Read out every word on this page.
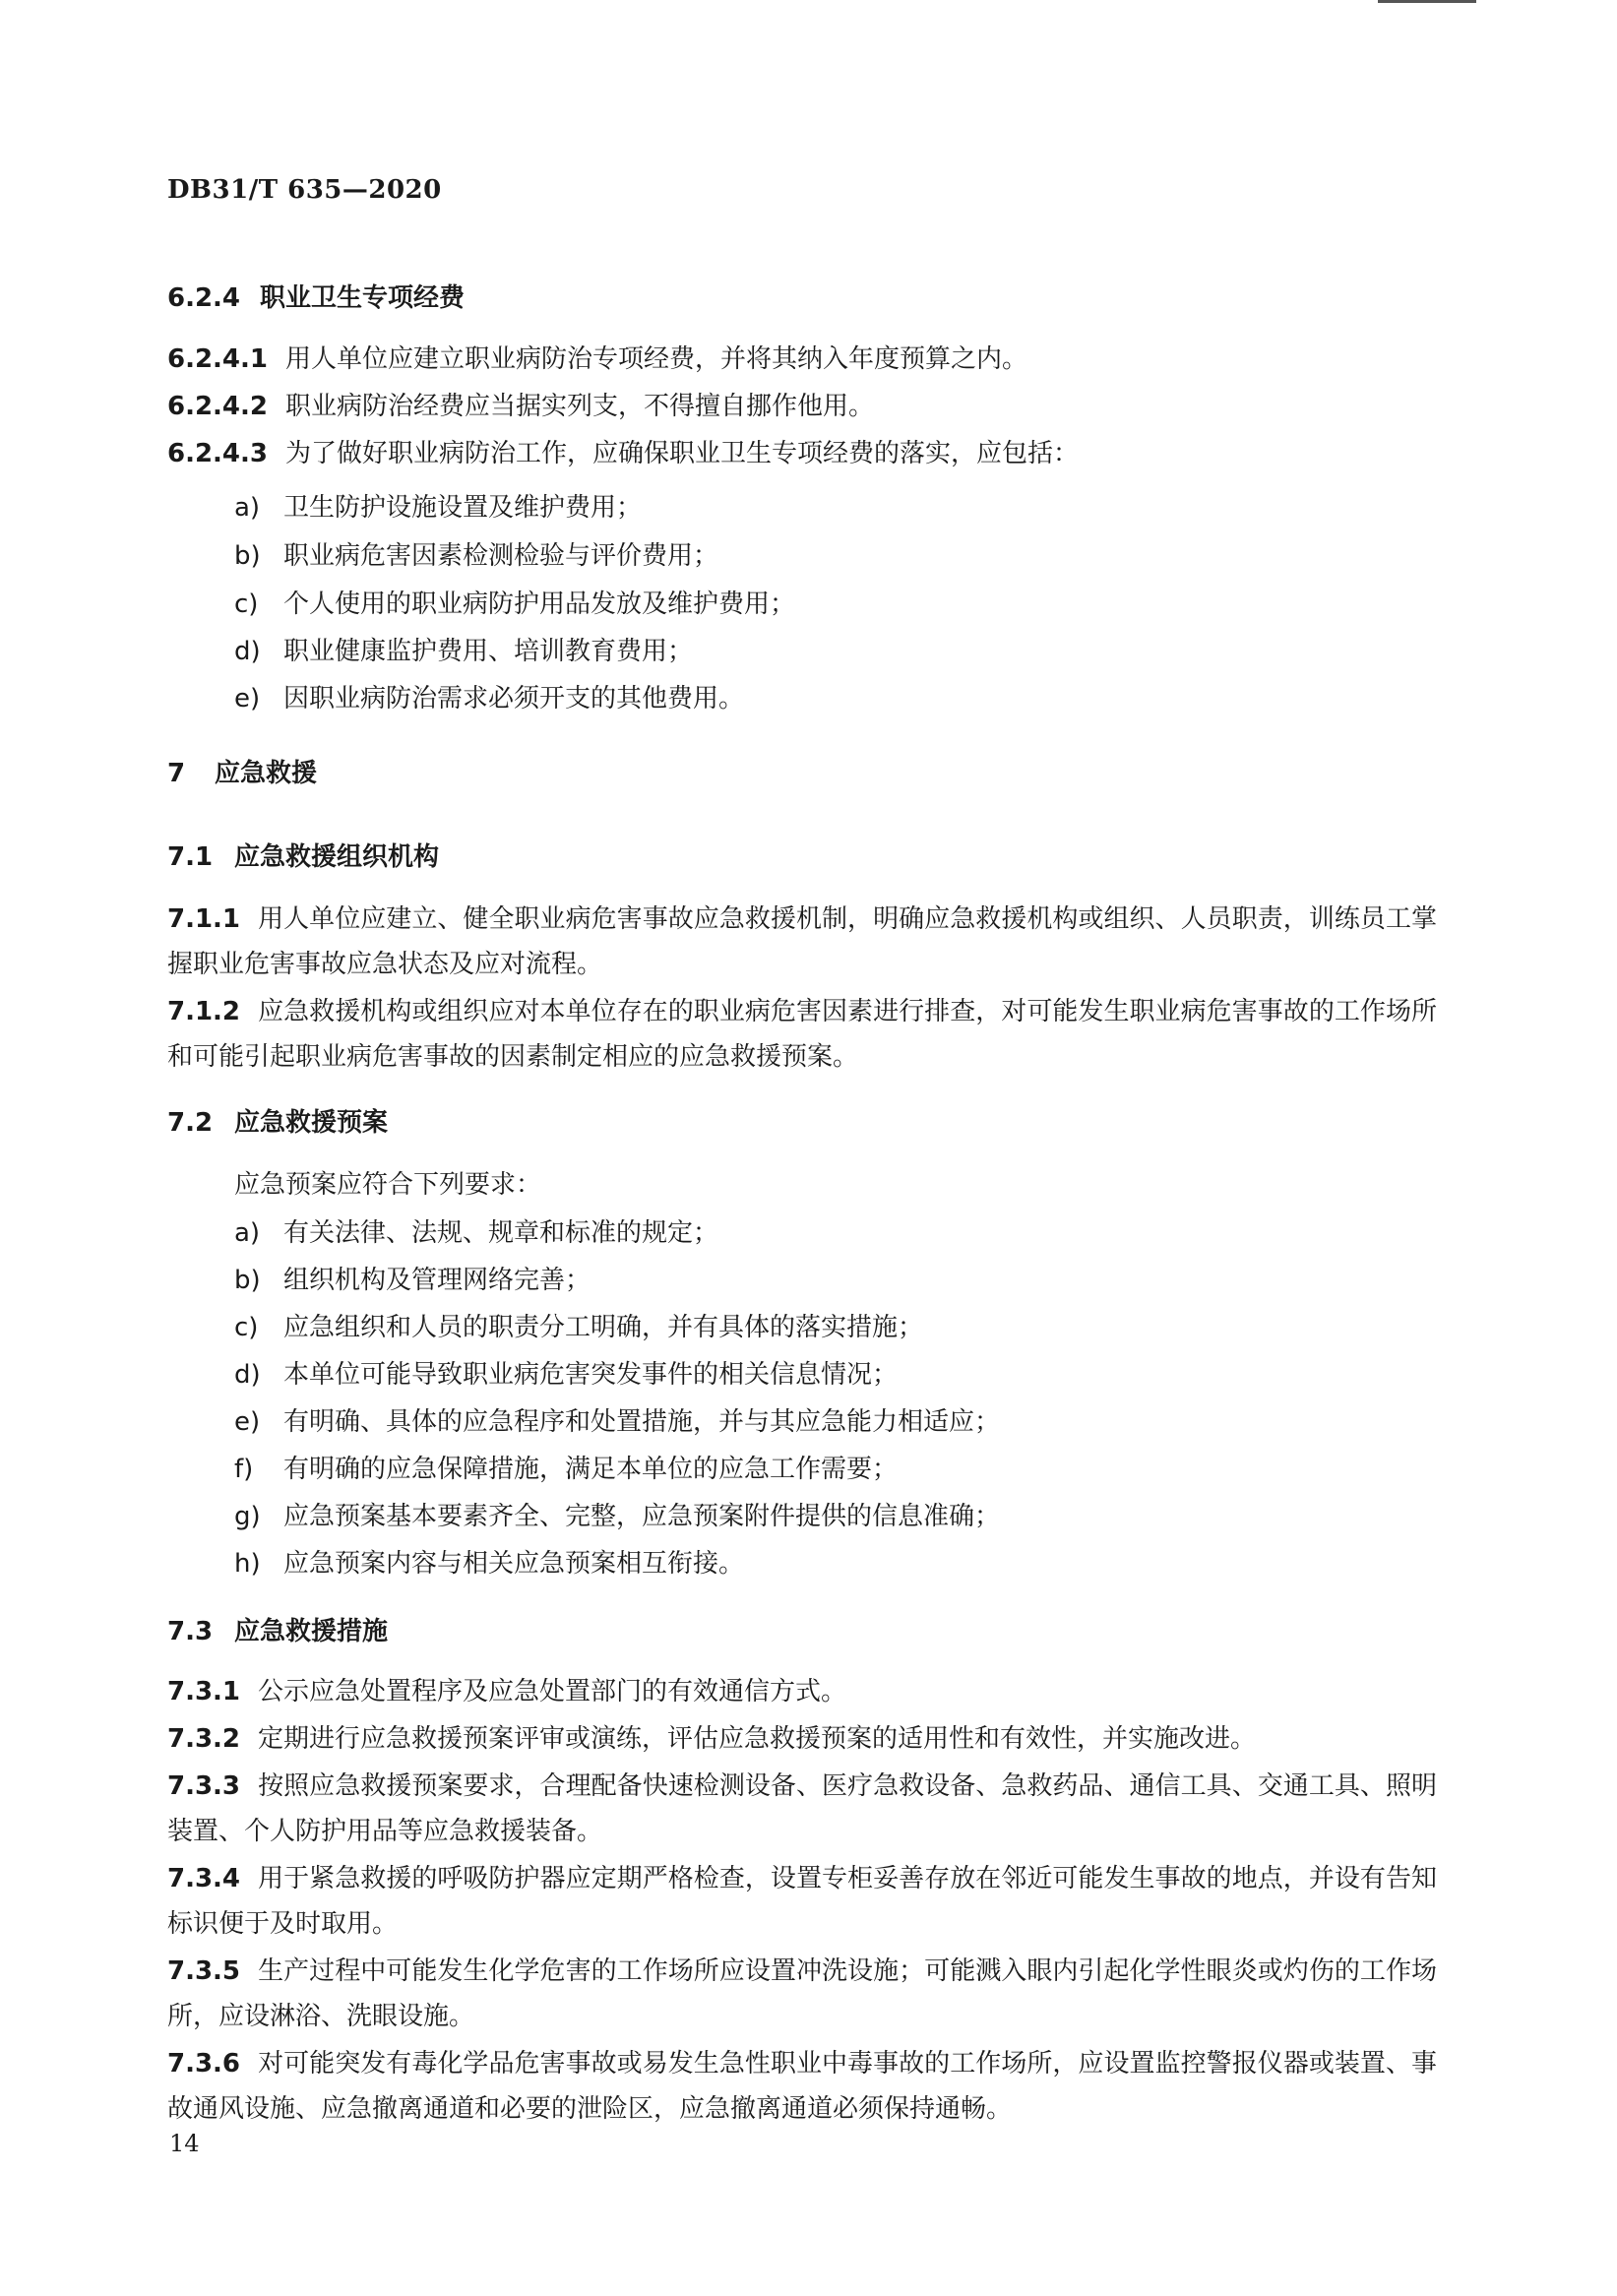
DB31/T 635—2020
6.2.4 职业卫生专项经费
6.2.4.1 用人单位应建立职业病防治专项经费，并将其纳入年度预算之内。
6.2.4.2 职业病防治经费应当据实列支，不得擅自挪作他用。
6.2.4.3 为了做好职业病防治工作，应确保职业卫生专项经费的落实，应包括：
a) 卫生防护设施设置及维护费用；
b) 职业病危害因素检测检验与评价费用；
c) 个人使用的职业病防护用品发放及维护费用；
d) 职业健康监护费用、培训教育费用；
e) 因职业病防治需求必须开支的其他费用。
7 应急救援
7.1 应急救援组织机构
7.1.1 用人单位应建立、健全职业病危害事故应急救援机制，明确应急救援机构或组织、人员职责，训练员工掌握职业危害事故应急状态及应对流程。
7.1.2 应急救援机构或组织应对本单位存在的职业病危害因素进行排查，对可能发生职业病危害事故的工作场所和可能引起职业病危害事故的因素制定相应的应急救援预案。
7.2 应急救援预案
应急预案应符合下列要求：
a) 有关法律、法规、规章和标准的规定；
b) 组织机构及管理网络完善；
c) 应急组织和人员的职责分工明确，并有具体的落实措施；
d) 本单位可能导致职业病危害突发事件的相关信息情况；
e) 有明确、具体的应急程序和处置措施，并与其应急能力相适应；
f) 有明确的应急保障措施，满足本单位的应急工作需要；
g) 应急预案基本要素齐全、完整，应急预案附件提供的信息准确；
h) 应急预案内容与相关应急预案相互衔接。
7.3 应急救援措施
7.3.1 公示应急处置程序及应急处置部门的有效通信方式。
7.3.2 定期进行应急救援预案评审或演练，评估应急救援预案的适用性和有效性，并实施改进。
7.3.3 按照应急救援预案要求，合理配备快速检测设备、医疗急救设备、急救药品、通信工具、交通工具、照明装置、个人防护用品等应急救援装备。
7.3.4 用于紧急救援的呼吸防护器应定期严格检查，设置专柜妥善存放在邻近可能发生事故的地点，并设有告知标识便于及时取用。
7.3.5 生产过程中可能发生化学危害的工作场所应设置冲洗设施；可能溅入眼内引起化学性眼炎或灼伤的工作场所，应设淋浴、洗眼设施。
7.3.6 对可能突发有毒化学品危害事故或易发生急性职业中毒事故的工作场所，应设置监控警报仪器或装置、事故通风设施、应急撤离通道和必要的泄险区，应急撤离通道必须保持通畅。
14
